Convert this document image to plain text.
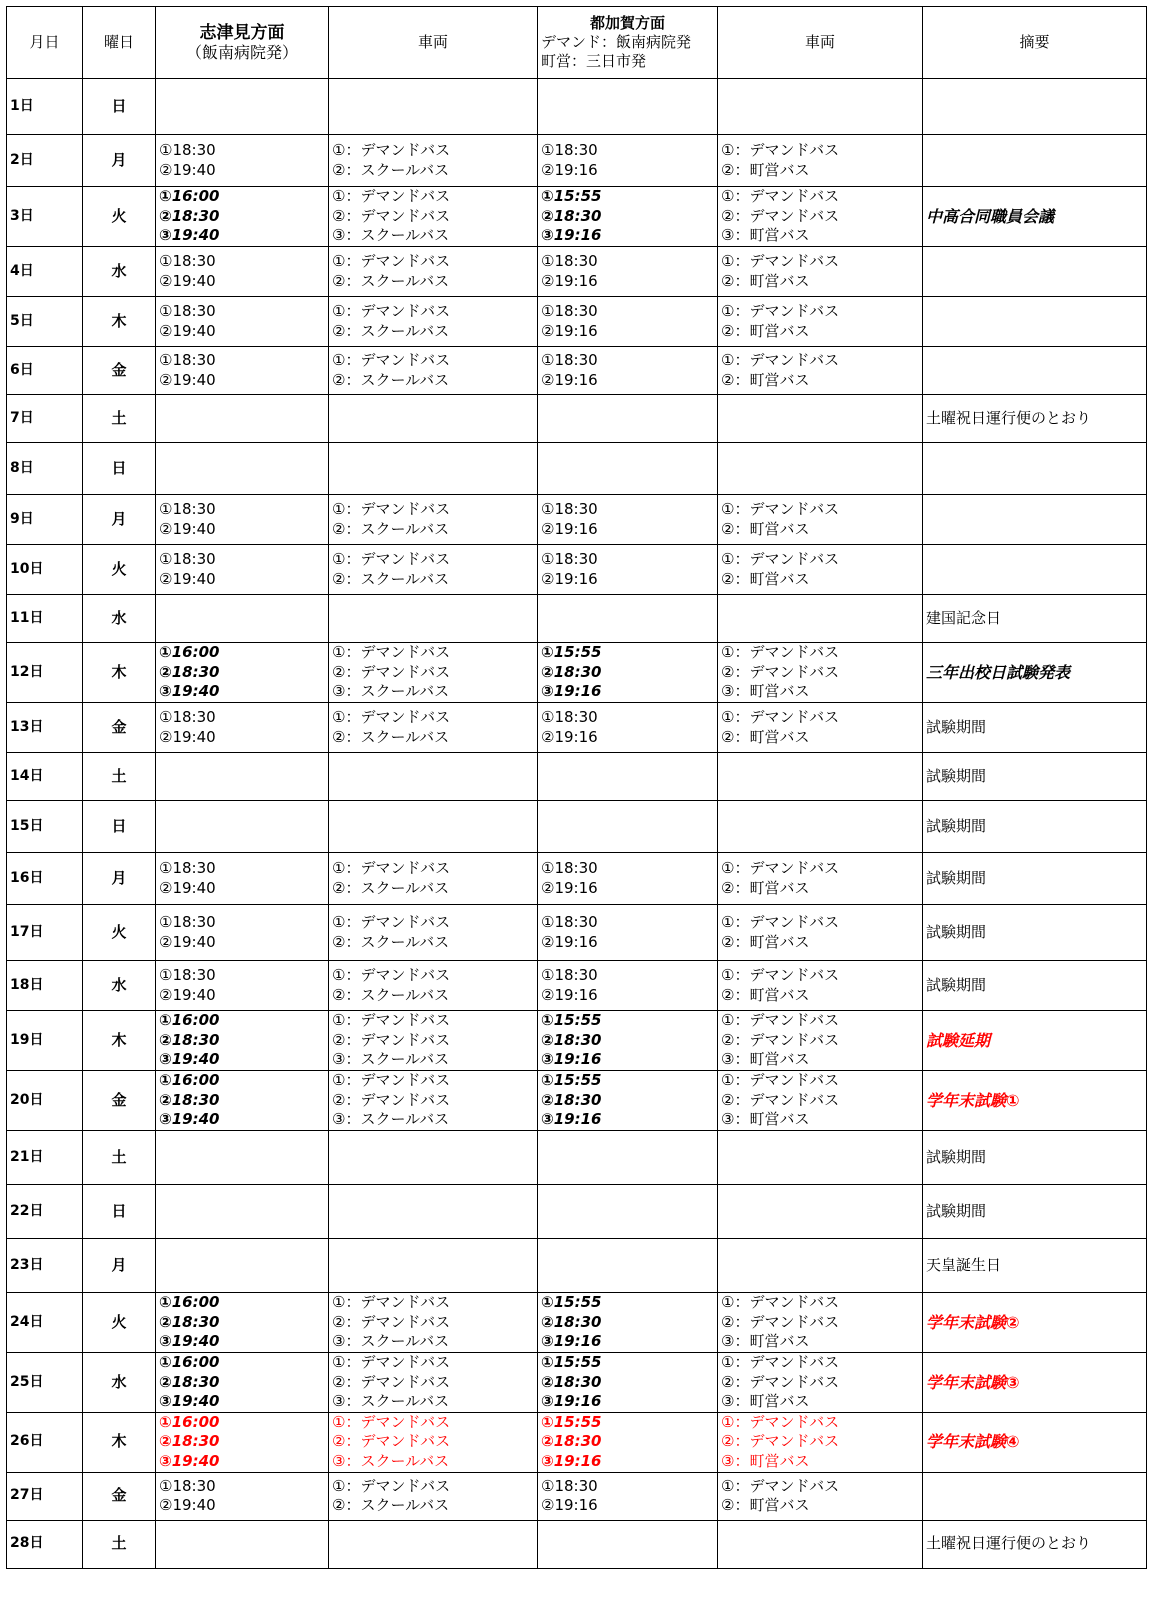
月日	曜日	志津見方面
（飯南病院発）	車両	都加賀方面
デマンド：飯南病院発
町営：三日市発	車両	摘要
1日	日					
2日	月	①18:30
②19:40	①：デマンドバス
②：スクールバス	①18:30
②19:16	①：デマンドバス
②：町営バス	

3日	火	①16:00
②18:30
③19:40	①：デマンドバス
②：デマンドバス
③：スクールバス	①15:55
②18:30
③19:16	①：デマンドバス
②：デマンドバス
③：町営バス	中高合同職員会議
4日	水	①18:30
②19:40	①：デマンドバス
②：スクールバス	①18:30
②19:16	①：デマンドバス
②：町営バス	

5日	木	①18:30
②19:40	①：デマンドバス
②：スクールバス	①18:30
②19:16	①：デマンドバス
②：町営バス	

6日	金	①18:30
②19:40	①：デマンドバス
②：スクールバス	①18:30
②19:16	①：デマンドバス
②：町営バス	

7日	土					土曜祝日運行便のとおり
8日	日					
9日	月	①18:30
②19:40	①：デマンドバス
②：スクールバス	①18:30
②19:16	①：デマンドバス
②：町営バス	

10日	火	①18:30
②19:40	①：デマンドバス
②：スクールバス	①18:30
②19:16	①：デマンドバス
②：町営バス	

11日	水					建国記念日
12日	木	①16:00
②18:30
③19:40	①：デマンドバス
②：デマンドバス
③：スクールバス	①15:55
②18:30
③19:16	①：デマンドバス
②：デマンドバス
③：町営バス	三年出校日試験発表
13日	金	①18:30
②19:40	①：デマンドバス
②：スクールバス	①18:30
②19:16	①：デマンドバス
②：町営バス	試験期間
14日	土					試験期間
15日	日					試験期間
16日	月	①18:30
②19:40	①：デマンドバス
②：スクールバス	①18:30
②19:16	①：デマンドバス
②：町営バス	試験期間
17日	火	①18:30
②19:40	①：デマンドバス
②：スクールバス	①18:30
②19:16	①：デマンドバス
②：町営バス	試験期間
18日	水	①18:30
②19:40	①：デマンドバス
②：スクールバス	①18:30
②19:16	①：デマンドバス
②：町営バス	試験期間
19日	木	①16:00
②18:30
③19:40	①：デマンドバス
②：デマンドバス
③：スクールバス	①15:55
②18:30
③19:16	①：デマンドバス
②：デマンドバス
③：町営バス	試験延期
20日	金	①16:00
②18:30
③19:40	①：デマンドバス
②：デマンドバス
③：スクールバス	①15:55
②18:30
③19:16	①：デマンドバス
②：デマンドバス
③：町営バス	学年末試験①
21日	土					試験期間
22日	日					試験期間
23日	月					天皇誕生日
24日	火	①16:00
②18:30
③19:40	①：デマンドバス
②：デマンドバス
③：スクールバス	①15:55
②18:30
③19:16	①：デマンドバス
②：デマンドバス
③：町営バス	学年末試験②
25日	水	①16:00
②18:30
③19:40	①：デマンドバス
②：デマンドバス
③：スクールバス	①15:55
②18:30
③19:16	①：デマンドバス
②：デマンドバス
③：町営バス	学年末試験③
26日	木	①16:00
②18:30
③19:40	①：デマンドバス
②：デマンドバス
③：スクールバス	①15:55
②18:30
③19:16	①：デマンドバス
②：デマンドバス
③：町営バス	学年末試験④
27日	金	①18:30
②19:40	①：デマンドバス
②：スクールバス	①18:30
②19:16	①：デマンドバス
②：町営バス	

28日	土					土曜祝日運行便のとおり
